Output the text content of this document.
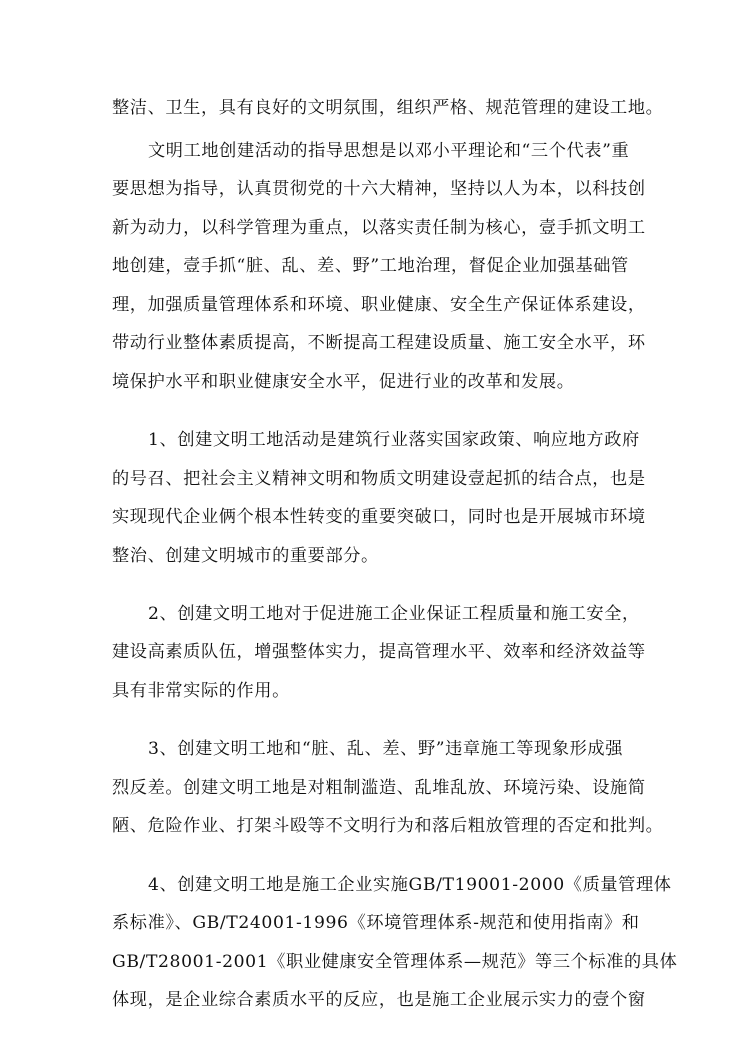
整洁、卫生，具有良好的文明氛围，组织严格、规范管理的建设工地。
文明工地创建活动的指导思想是以邓小平理论和“三个代表”重
要思想为指导，认真贯彻党的十六大精神，坚持以人为本，以科技创
新为动力，以科学管理为重点，以落实责任制为核心，壹手抓文明工
地创建，壹手抓“脏、乱、差、野”工地治理，督促企业加强基础管
理，加强质量管理体系和环境、职业健康、安全生产保证体系建设，
带动行业整体素质提高，不断提高工程建设质量、施工安全水平，环
境保护水平和职业健康安全水平，促进行业的改革和发展。
1、创建文明工地活动是建筑行业落实国家政策、响应地方政府
的号召、把社会主义精神文明和物质文明建设壹起抓的结合点，也是
实现现代企业俩个根本性转变的重要突破口，同时也是开展城市环境
整治、创建文明城市的重要部分。
2、创建文明工地对于促进施工企业保证工程质量和施工安全，
建设高素质队伍，增强整体实力，提高管理水平、效率和经济效益等
具有非常实际的作用。
3、创建文明工地和“脏、乱、差、野”违章施工等现象形成强
烈反差。创建文明工地是对粗制滥造、乱堆乱放、环境污染、设施简
陋、危险作业、打架斗殴等不文明行为和落后粗放管理的否定和批判。
4、创建文明工地是施工企业实施GB/T19001-2000《质量管理体
系标准》、GB/T24001-1996《环境管理体系-规范和使用指南》和
GB/T28001-2001《职业健康安全管理体系—规范》等三个标准的具体
体现，是企业综合素质水平的反应，也是施工企业展示实力的壹个窗
